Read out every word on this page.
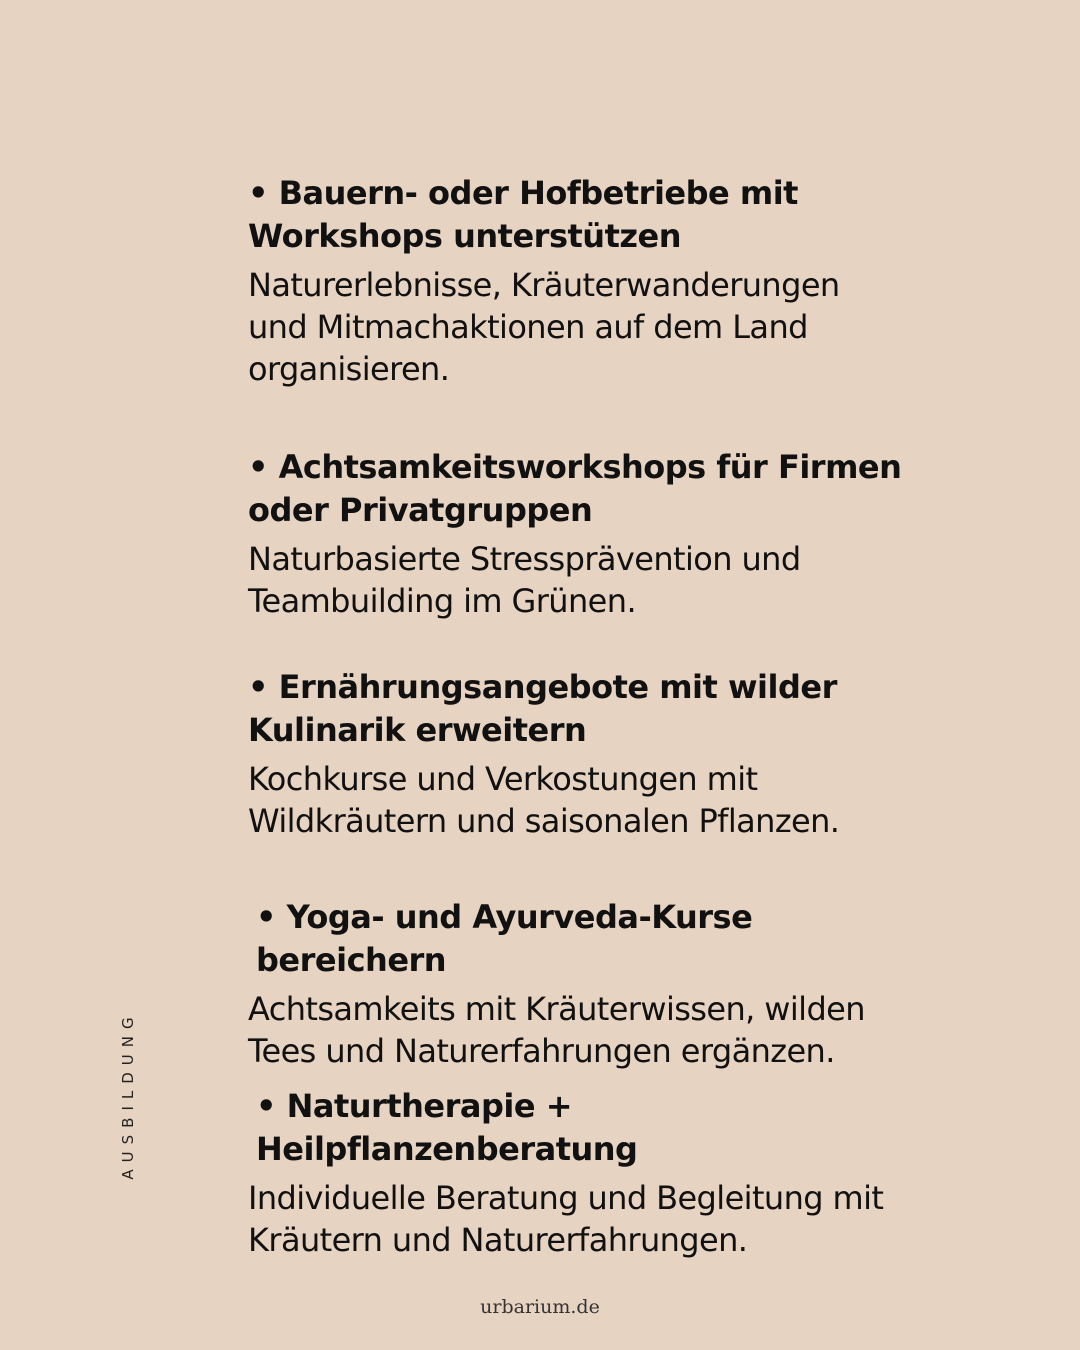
• Bauern- oder Hofbetriebe mit
Workshops unterstützen

Naturerlebnisse, Kräuterwanderungen
und Mitmachaktionen auf dem Land
organisieren.

• Achtsamkeitsworkshops für Firmen
oder Privatgruppen

Naturbasierte Stressprävention und
Teambuilding im Grünen.

• Ernährungsangebote mit wilder
Kulinarik erweitern

Kochkurse und Verkostungen mit
Wildkräutern und saisonalen Pflanzen.

• Yoga- und Ayurveda-Kurse bereichern

Achtsamkeits mit Kräuterwissen, wilden
Tees und Naturerfahrungen ergänzen.

• Naturtherapie + Heilpflanzenberatung

Individuelle Beratung und Begleitung mit
Kräutern und Naturerfahrungen.

AUSBILDUNG
urbarium.de
